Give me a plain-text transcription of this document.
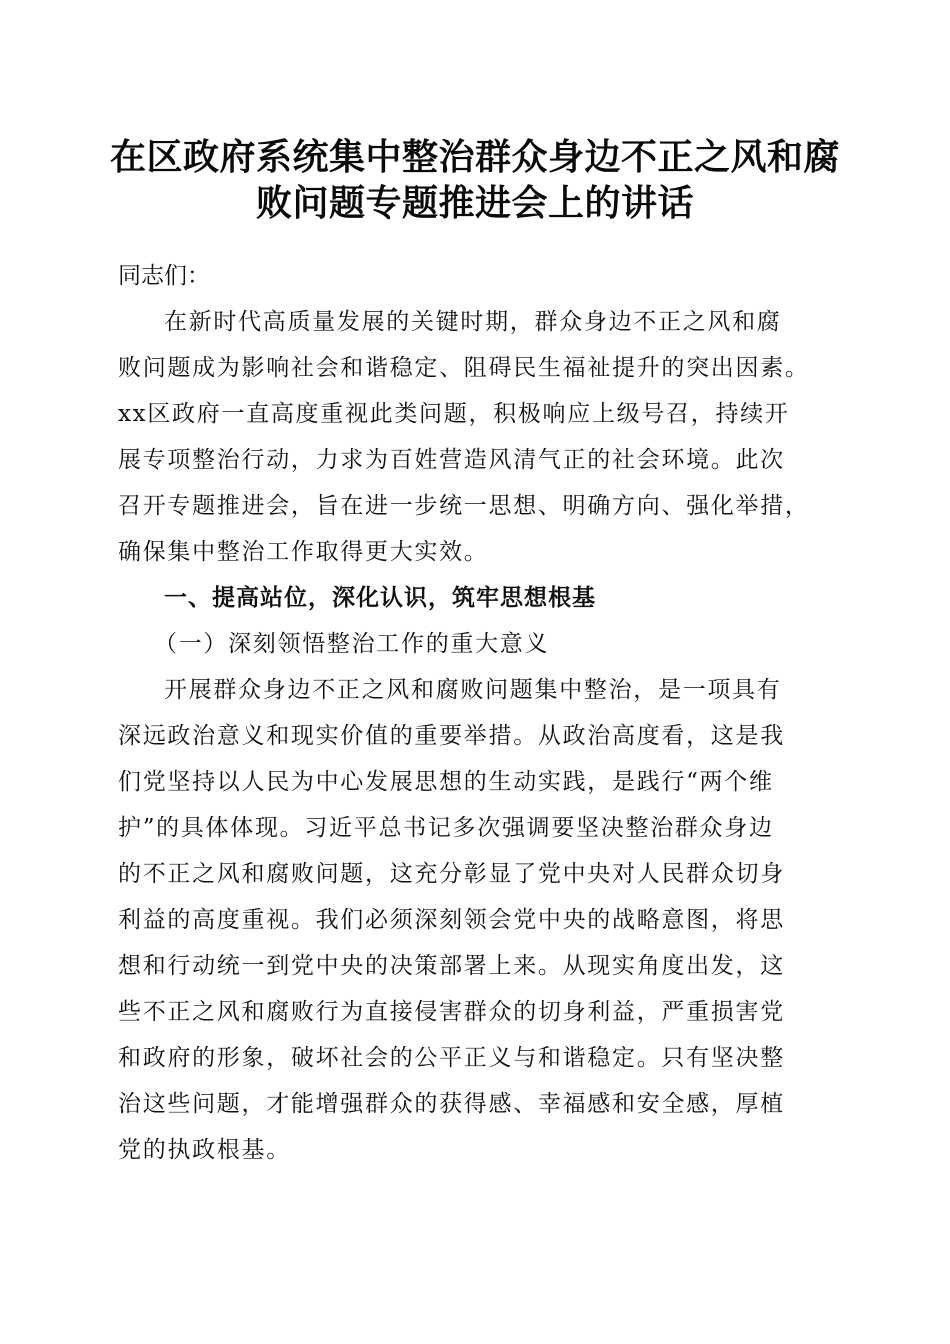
在区政府系统集中整治群众身边不正之风和腐
败问题专题推进会上的讲话

同志们：

在新时代高质量发展的关键时期，群众身边不正之风和腐
败问题成为影响社会和谐稳定、阻碍民生福祉提升的突出因素。
xx区政府一直高度重视此类问题，积极响应上级号召，持续开
展专项整治行动，力求为百姓营造风清气正的社会环境。此次
召开专题推进会，旨在进一步统一思想、明确方向、强化举措，
确保集中整治工作取得更大实效。

一、提高站位，深化认识，筑牢思想根基

（一）深刻领悟整治工作的重大意义

开展群众身边不正之风和腐败问题集中整治，是一项具有
深远政治意义和现实价值的重要举措。从政治高度看，这是我
们党坚持以人民为中心发展思想的生动实践，是践行“两个维
护”的具体体现。习近平总书记多次强调要坚决整治群众身边
的不正之风和腐败问题，这充分彰显了党中央对人民群众切身
利益的高度重视。我们必须深刻领会党中央的战略意图，将思
想和行动统一到党中央的决策部署上来。从现实角度出发，这
些不正之风和腐败行为直接侵害群众的切身利益，严重损害党
和政府的形象，破坏社会的公平正义与和谐稳定。只有坚决整
治这些问题，才能增强群众的获得感、幸福感和安全感，厚植
党的执政根基。
